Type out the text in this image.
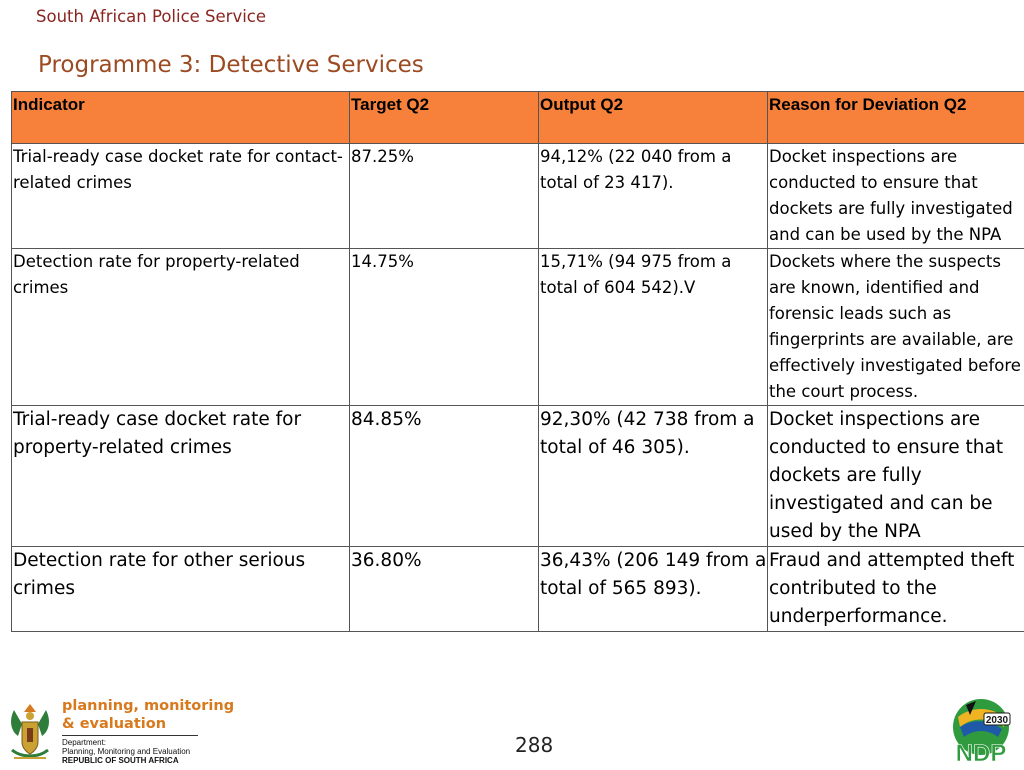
South African Police Service
Programme 3: Detective Services
Indicator	Target Q2	Output Q2	Reason for Deviation Q2
Trial-ready case docket rate for contact-related crimes	87.25%	94,12% (22 040 from a total of 23 417).	Docket inspections are conducted to ensure that dockets are fully investigated and can be used by the NPA
Detection rate for property-related crimes	14.75%	15,71% (94 975 from a total of 604 542).V	Dockets where the suspects are known, identified and forensic leads such as fingerprints are available, are effectively investigated before the court process.
Trial-ready case docket rate for property-related crimes	84.85%	92,30% (42 738 from a total of 46 305).	Docket inspections are conducted to ensure that dockets are fully investigated and can be used by the NPA
Detection rate for other serious crimes	36.80%	36,43% (206 149 from a total of 565 893).	Fraud and attempted theft contributed to the underperformance.
planning, monitoring
& evaluation
Department:
Planning, Monitoring and Evaluation
REPUBLIC OF SOUTH AFRICA
288
2030
NDP
